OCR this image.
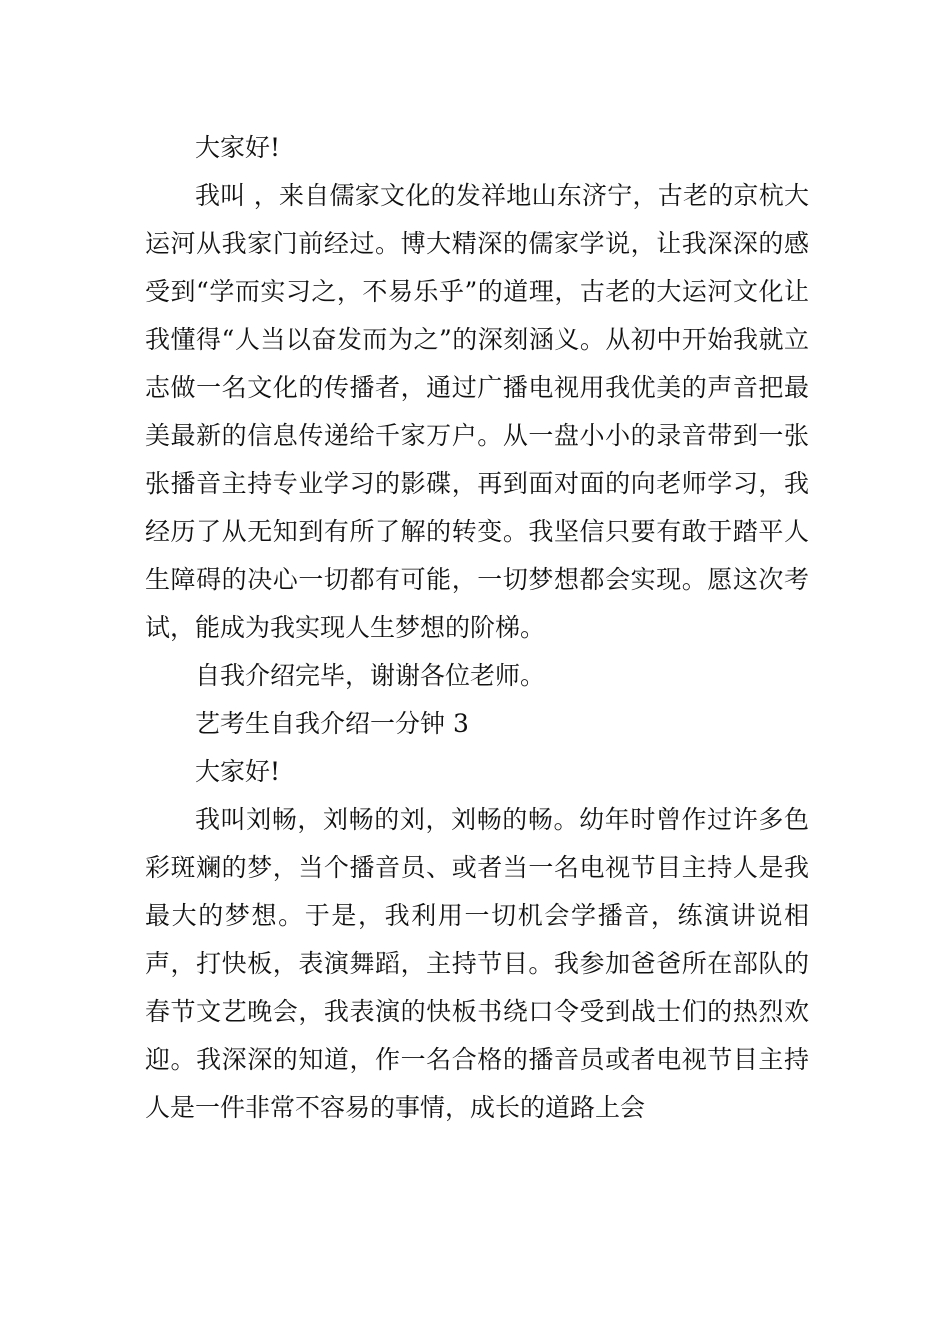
大家好!

我叫 ，来自儒家文化的发祥地山东济宁，古老的京杭大运河从我家门前经过。博大精深的儒家学说，让我深深的感受到“学而实习之，不易乐乎”的道理，古老的大运河文化让我懂得“人当以奋发而为之”的深刻涵义。从初中开始我就立志做一名文化的传播者，通过广播电视用我优美的声音把最美最新的信息传递给千家万户。从一盘小小的录音带到一张张播音主持专业学习的影碟，再到面对面的向老师学习，我经历了从无知到有所了解的转变。我坚信只要有敢于踏平人生障碍的决心一切都有可能，一切梦想都会实现。愿这次考试，能成为我实现人生梦想的阶梯。

自我介绍完毕，谢谢各位老师。

艺考生自我介绍一分钟 3

大家好!

我叫刘畅，刘畅的刘，刘畅的畅。幼年时曾作过许多色彩斑斓的梦，当个播音员、或者当一名电视节目主持人是我最大的梦想。于是，我利用一切机会学播音，练演讲说相声，打快板，表演舞蹈，主持节目。我参加爸爸所在部队的春节文艺晚会，我表演的快板书绕口令受到战士们的热烈欢迎。我深深的知道，作一名合格的播音员或者电视节目主持人是一件非常不容易的事情，成长的道路上会
